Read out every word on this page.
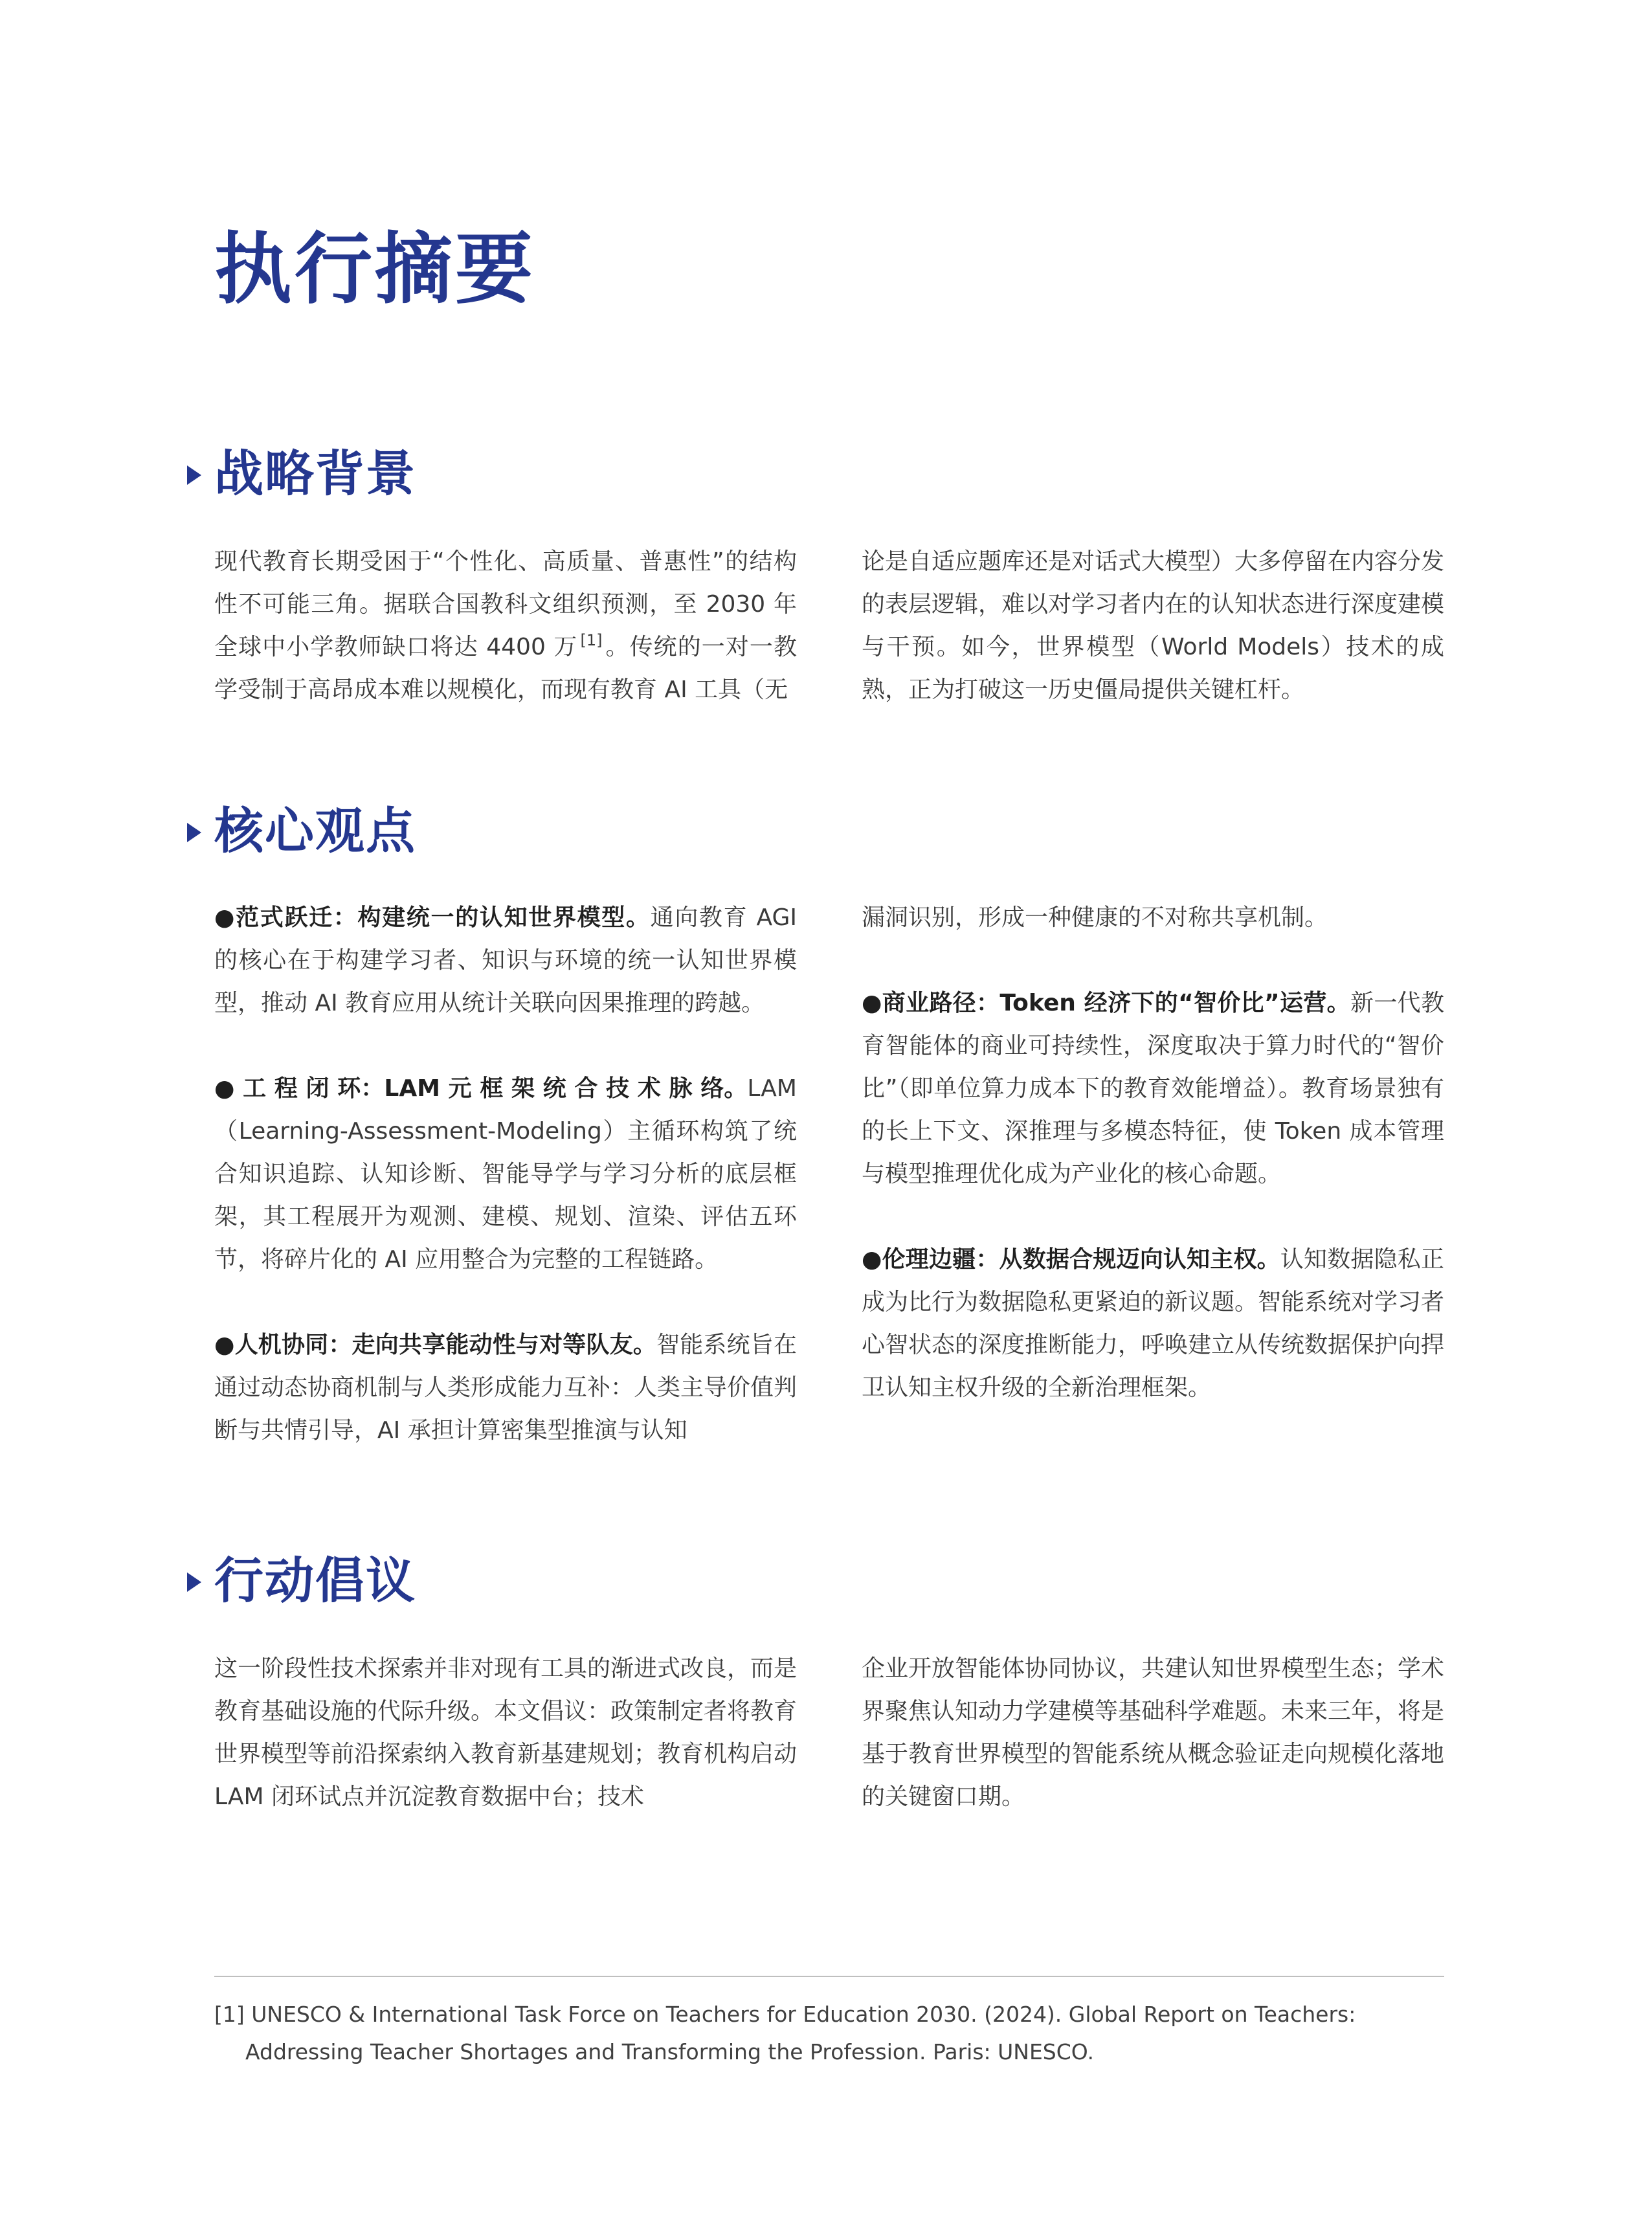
执行摘要
战略背景

现代教育长期受困于“个性化、高质量、普惠性”的结构性不可能三角。据联合国教科文组织预测，至 2030 年全球中小学教师缺口将达 4400 万 [1] 。传统的一对一教学受制于高昂成本难以规模化，而现有教育 AI 工具（无

论是自适应题库还是对话式大模型）大多停留在内容分发的表层逻辑，难以对学习者内在的认知状态进行深度建模与干预。如今，世界模型（World Models）技术的成熟，正为打破这一历史僵局提供关键杠杆。

核心观点

●范式跃迁：构建统一的认知世界模型。通向教育 AGI 的核心在于构建学习者、知识与环境的统一认知世界模型，推动 AI 教育应用从统计关联向因果推理的跨越。

● 工 程 闭 环：LAM 元 框 架 统 合 技 术 脉 络。LAM（Learning-Assessment-Modeling）主循环构筑了统合知识追踪、认知诊断、智能导学与学习分析的底层框架，其工程展开为观测、建模、规划、渲染、评估五环节，将碎片化的 AI 应用整合为完整的工程链路。

●人机协同：走向共享能动性与对等队友。智能系统旨在通过动态协商机制与人类形成能力互补：人类主导价值判断与共情引导，AI 承担计算密集型推演与认知

漏洞识别，形成一种健康的不对称共享机制。

●商业路径：Token 经济下的“智价比”运营。新一代教育智能体的商业可持续性，深度取决于算力时代的“智价比”（即单位算力成本下的教育效能增益）。教育场景独有的长上下文、深推理与多模态特征，使 Token 成本管理与模型推理优化成为产业化的核心命题。

●伦理边疆：从数据合规迈向认知主权。认知数据隐私正成为比行为数据隐私更紧迫的新议题。智能系统对学习者心智状态的深度推断能力，呼唤建立从传统数据保护向捍卫认知主权升级的全新治理框架。

行动倡议

这一阶段性技术探索并非对现有工具的渐进式改良，而是教育基础设施的代际升级。本文倡议：政策制定者将教育世界模型等前沿探索纳入教育新基建规划；教育机构启动 LAM 闭环试点并沉淀教育数据中台；技术

企业开放智能体协同协议，共建认知世界模型生态；学术界聚焦认知动力学建模等基础科学难题。未来三年，将是基于教育世界模型的智能系统从概念验证走向规模化落地的关键窗口期。

[1] UNESCO & International Task Force on Teachers for Education 2030. (2024). Global Report on Teachers: Addressing Teacher Shortages and Transforming the Profession. Paris: UNESCO.
